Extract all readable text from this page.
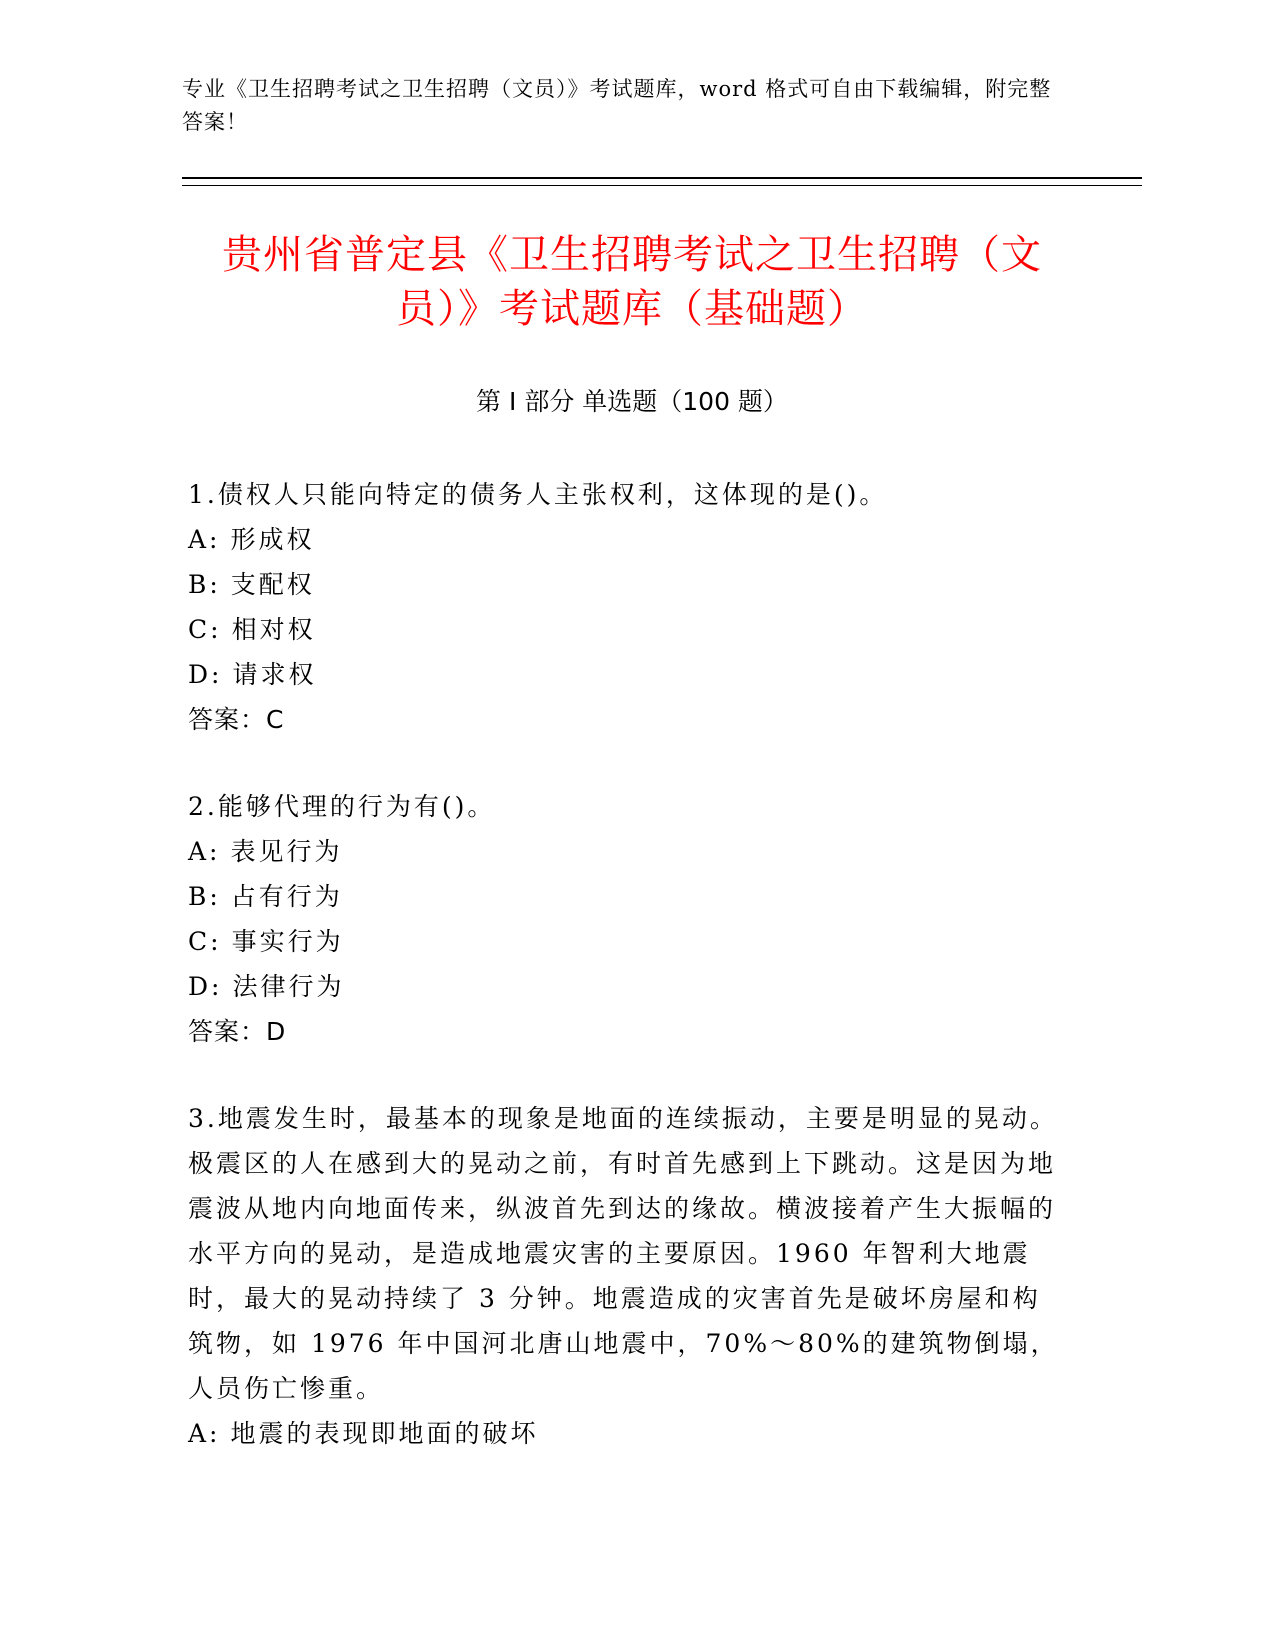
专业《卫生招聘考试之卫生招聘（文员）》考试题库，word 格式可自由下载编辑，附完整答案！
贵州省普定县《卫生招聘考试之卫生招聘（文员）》考试题库（基础题）
第 I 部分 单选题（100 题）
1.债权人只能向特定的债务人主张权利，这体现的是()。
A: 形成权
B: 支配权
C: 相对权
D: 请求权
答案：C
2.能够代理的行为有()。
A: 表见行为
B: 占有行为
C: 事实行为
D: 法律行为
答案：D
3.地震发生时，最基本的现象是地面的连续振动，主要是明显的晃动。极震区的人在感到大的晃动之前，有时首先感到上下跳动。这是因为地震波从地内向地面传来，纵波首先到达的缘故。横波接着产生大振幅的水平方向的晃动，是造成地震灾害的主要原因。1960 年智利大地震时，最大的晃动持续了 3 分钟。地震造成的灾害首先是破坏房屋和构筑物，如 1976 年中国河北唐山地震中，70%～80%的建筑物倒塌，人员伤亡惨重。
A: 地震的表现即地面的破坏
